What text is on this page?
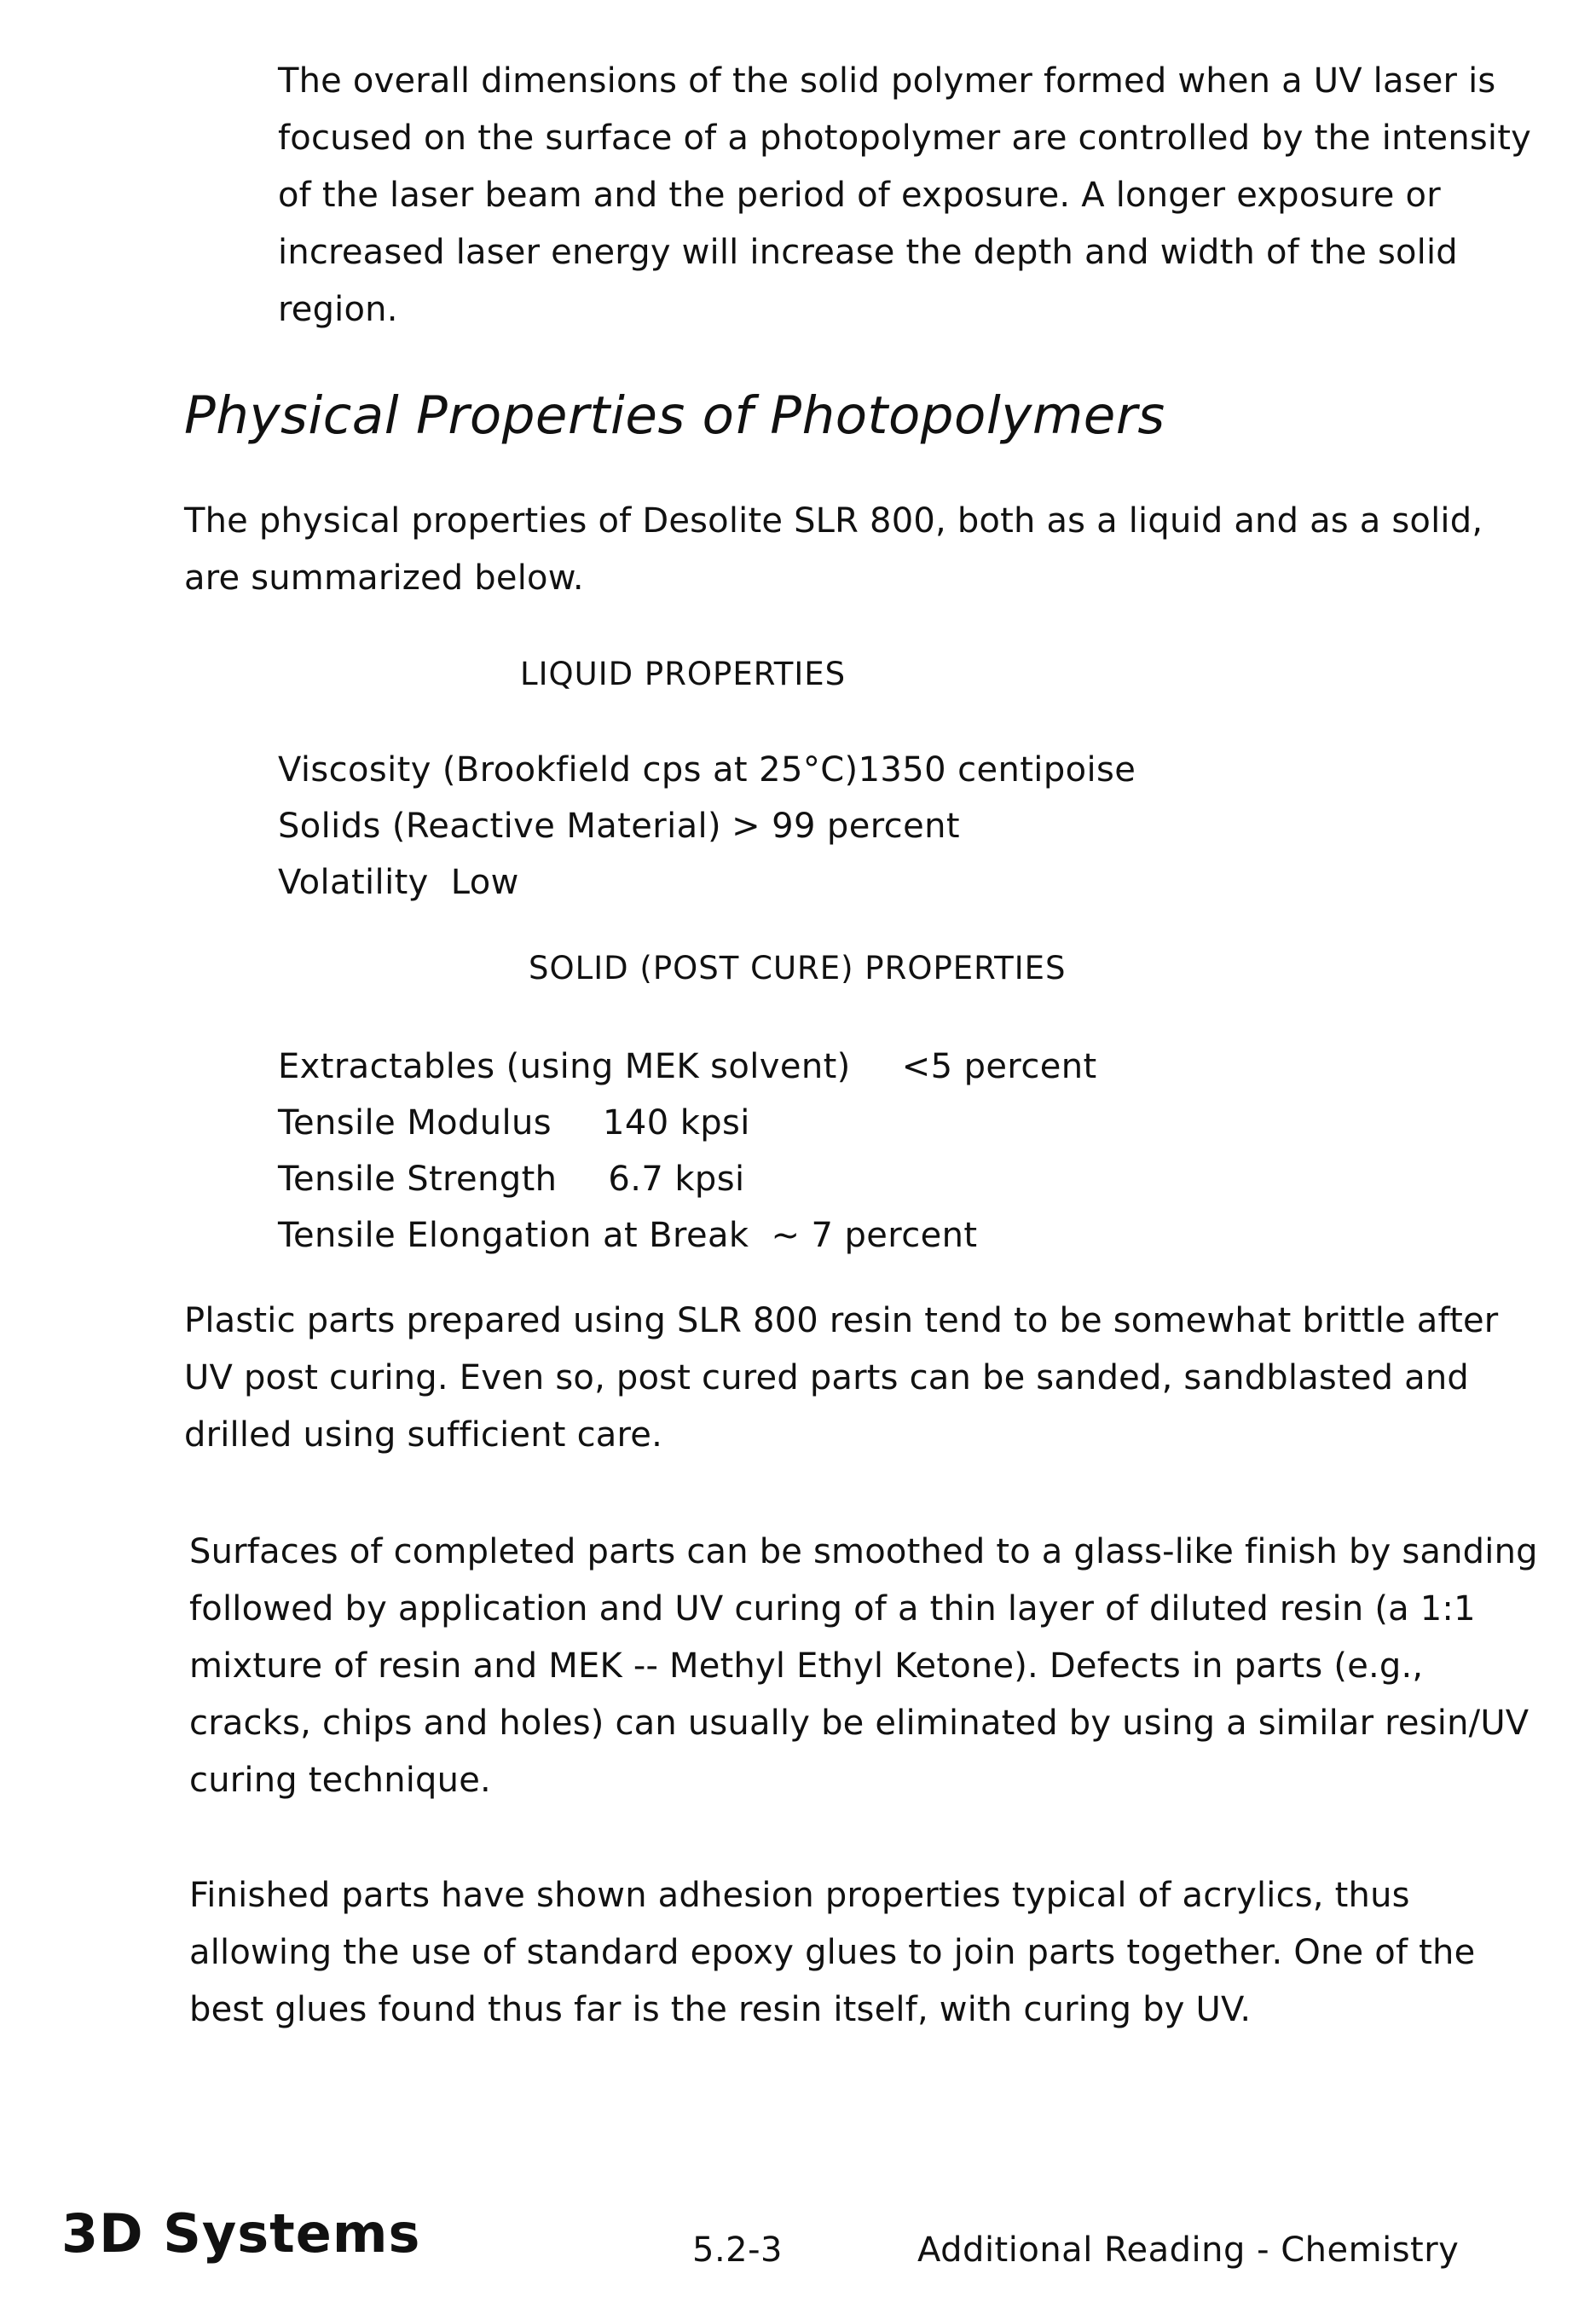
The overall dimensions of the solid polymer formed when a UV laser is focused on the surface of a photopolymer are controlled by the intensity of the laser beam and the period of exposure. A longer exposure or increased laser energy will increase the depth and width of the solid region.

Physical Properties of Photopolymers

The physical properties of Desolite SLR 800, both as a liquid and as a solid, are summarized below.

LIQUID PROPERTIES
Viscosity (Brookfield cps at 25°C)1350 centipoise
Solids (Reactive Material) > 99 percent
Volatility Low
SOLID (POST CURE) PROPERTIES
Extractables (using MEK solvent) <5 percent
Tensile Modulus 140 kpsi
Tensile Strength 6.7 kpsi
Tensile Elongation at Break ~ 7 percent

Plastic parts prepared using SLR 800 resin tend to be somewhat brittle after UV post curing. Even so, post cured parts can be sanded, sandblasted and drilled using sufficient care.

Surfaces of completed parts can be smoothed to a glass-like finish by sanding followed by application and UV curing of a thin layer of diluted resin (a 1:1 mixture of resin and MEK -- Methyl Ethyl Ketone). Defects in parts (e.g., cracks, chips and holes) can usually be eliminated by using a similar resin/UV curing technique.

Finished parts have shown adhesion properties typical of acrylics, thus allowing the use of standard epoxy glues to join parts together. One of the best glues found thus far is the resin itself, with curing by UV.

3D Systems	5.2-3	Additional Reading - Chemistry
